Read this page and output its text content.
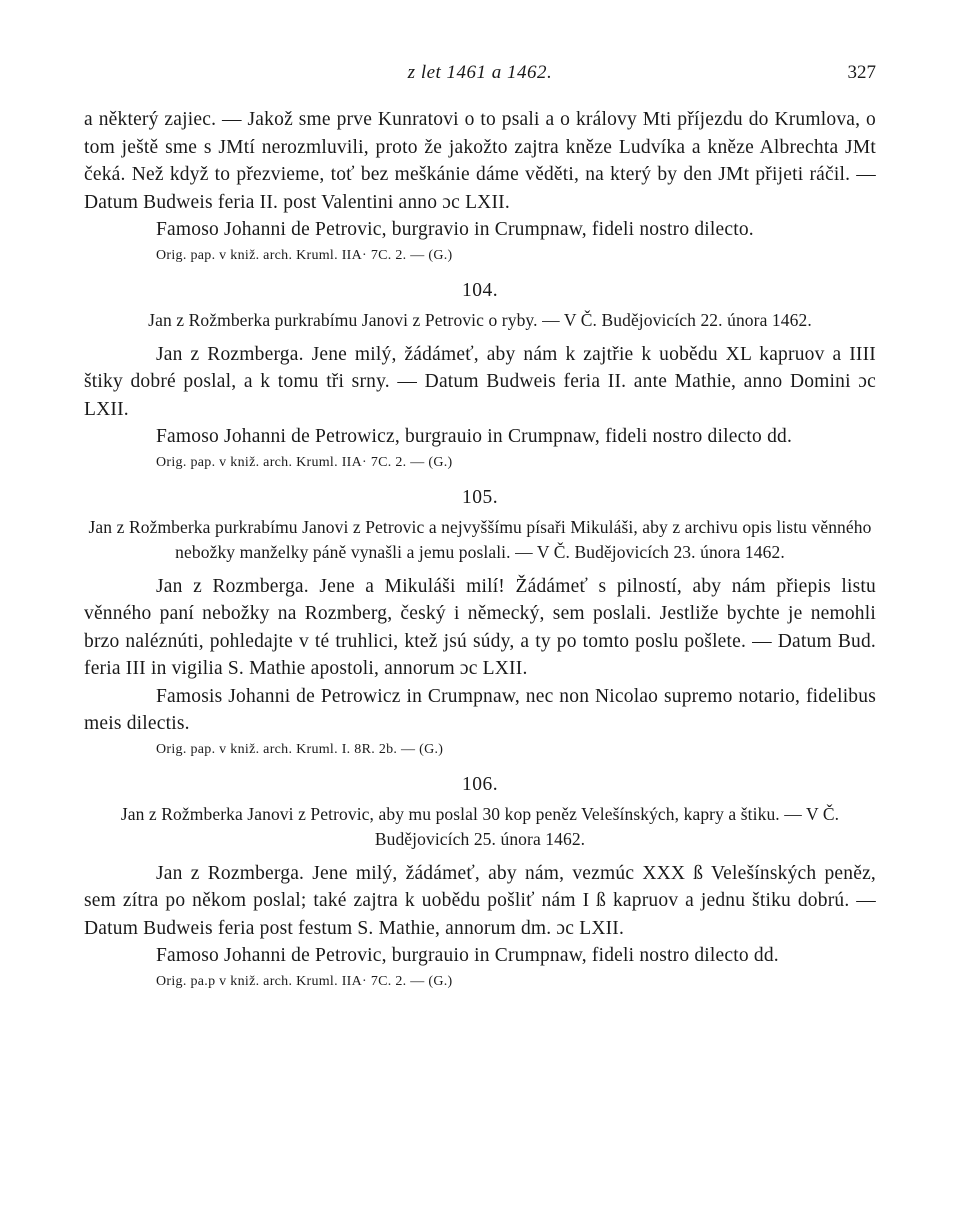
z let 1461 a 1462.	327

a některý zajiec. — Jakož sme prve Kunratovi o to psali a o královy Mti příjezdu do Krumlova, o tom ještě sme s JMtí nerozmluvili, proto že jakožto zajtra kněze Ludvíka a kněze Albrechta JMt čeká. Než když to přezvieme, toť bez meškánie dáme věděti, na který by den JMt přijeti ráčil. — Datum Budweis feria II. post Valentini anno ɔc LXII.

Famoso Johanni de Petrovic, burgravio in Crumpnaw, fideli nostro dilecto.

Orig. pap. v kniž. arch. Kruml. IIA· 7C. 2. — (G.)
104.
Jan z Rožmberka purkrabímu Janovi z Petrovic o ryby. — V Č. Budějovicích 22. února 1462.

Jan z Rozmberga. Jene milý, žádámeť, aby nám k zajtřie k uobědu XL kapruov a IIII štiky dobré poslal, a k tomu tři srny. — Datum Budweis feria II. ante Mathie, anno Domini ɔc LXII.

Famoso Johanni de Petrowicz, burgrauio in Crumpnaw, fideli nostro dilecto dd.

Orig. pap. v kniž. arch. Kruml. IIA· 7C. 2. — (G.)
105.
Jan z Rožmberka purkrabímu Janovi z Petrovic a nejvyššímu písaři Mikuláši, aby z archivu opis listu věnného nebožky manželky páně vynašli a jemu poslali. — V Č. Budějovicích 23. února 1462.

Jan z Rozmberga. Jene a Mikuláši milí! Žádámeť s pilností, aby nám přiepis listu věnného paní nebožky na Rozmberg, český i německý, sem poslali. Jestliže bychte je nemohli brzo naléznúti, pohledajte v té truhlici, ktež jsú súdy, a ty po tomto poslu pošlete. — Datum Bud. feria III in vigilia S. Mathie apostoli, annorum ɔc LXII.

Famosis Johanni de Petrowicz in Crumpnaw, nec non Nicolao supremo notario, fidelibus meis dilectis.

Orig. pap. v kniž. arch. Kruml. I. 8R. 2b. — (G.)
106.
Jan z Rožmberka Janovi z Petrovic, aby mu poslal 30 kop peněz Velešínských, kapry a štiku. — V Č. Budějovicích 25. února 1462.

Jan z Rozmberga. Jene milý, žádámeť, aby nám, vezmúc XXX ß Velešínských peněz, sem zítra po někom poslal; také zajtra k uobědu pošliť nám I ß kapruov a jednu štiku dobrú. — Datum Budweis feria post festum S. Mathie, annorum dm. ɔc LXII.

Famoso Johanni de Petrovic, burgrauio in Crumpnaw, fideli nostro dilecto dd.

Orig. pa.p v kniž. arch. Kruml. IIA· 7C. 2. — (G.)
